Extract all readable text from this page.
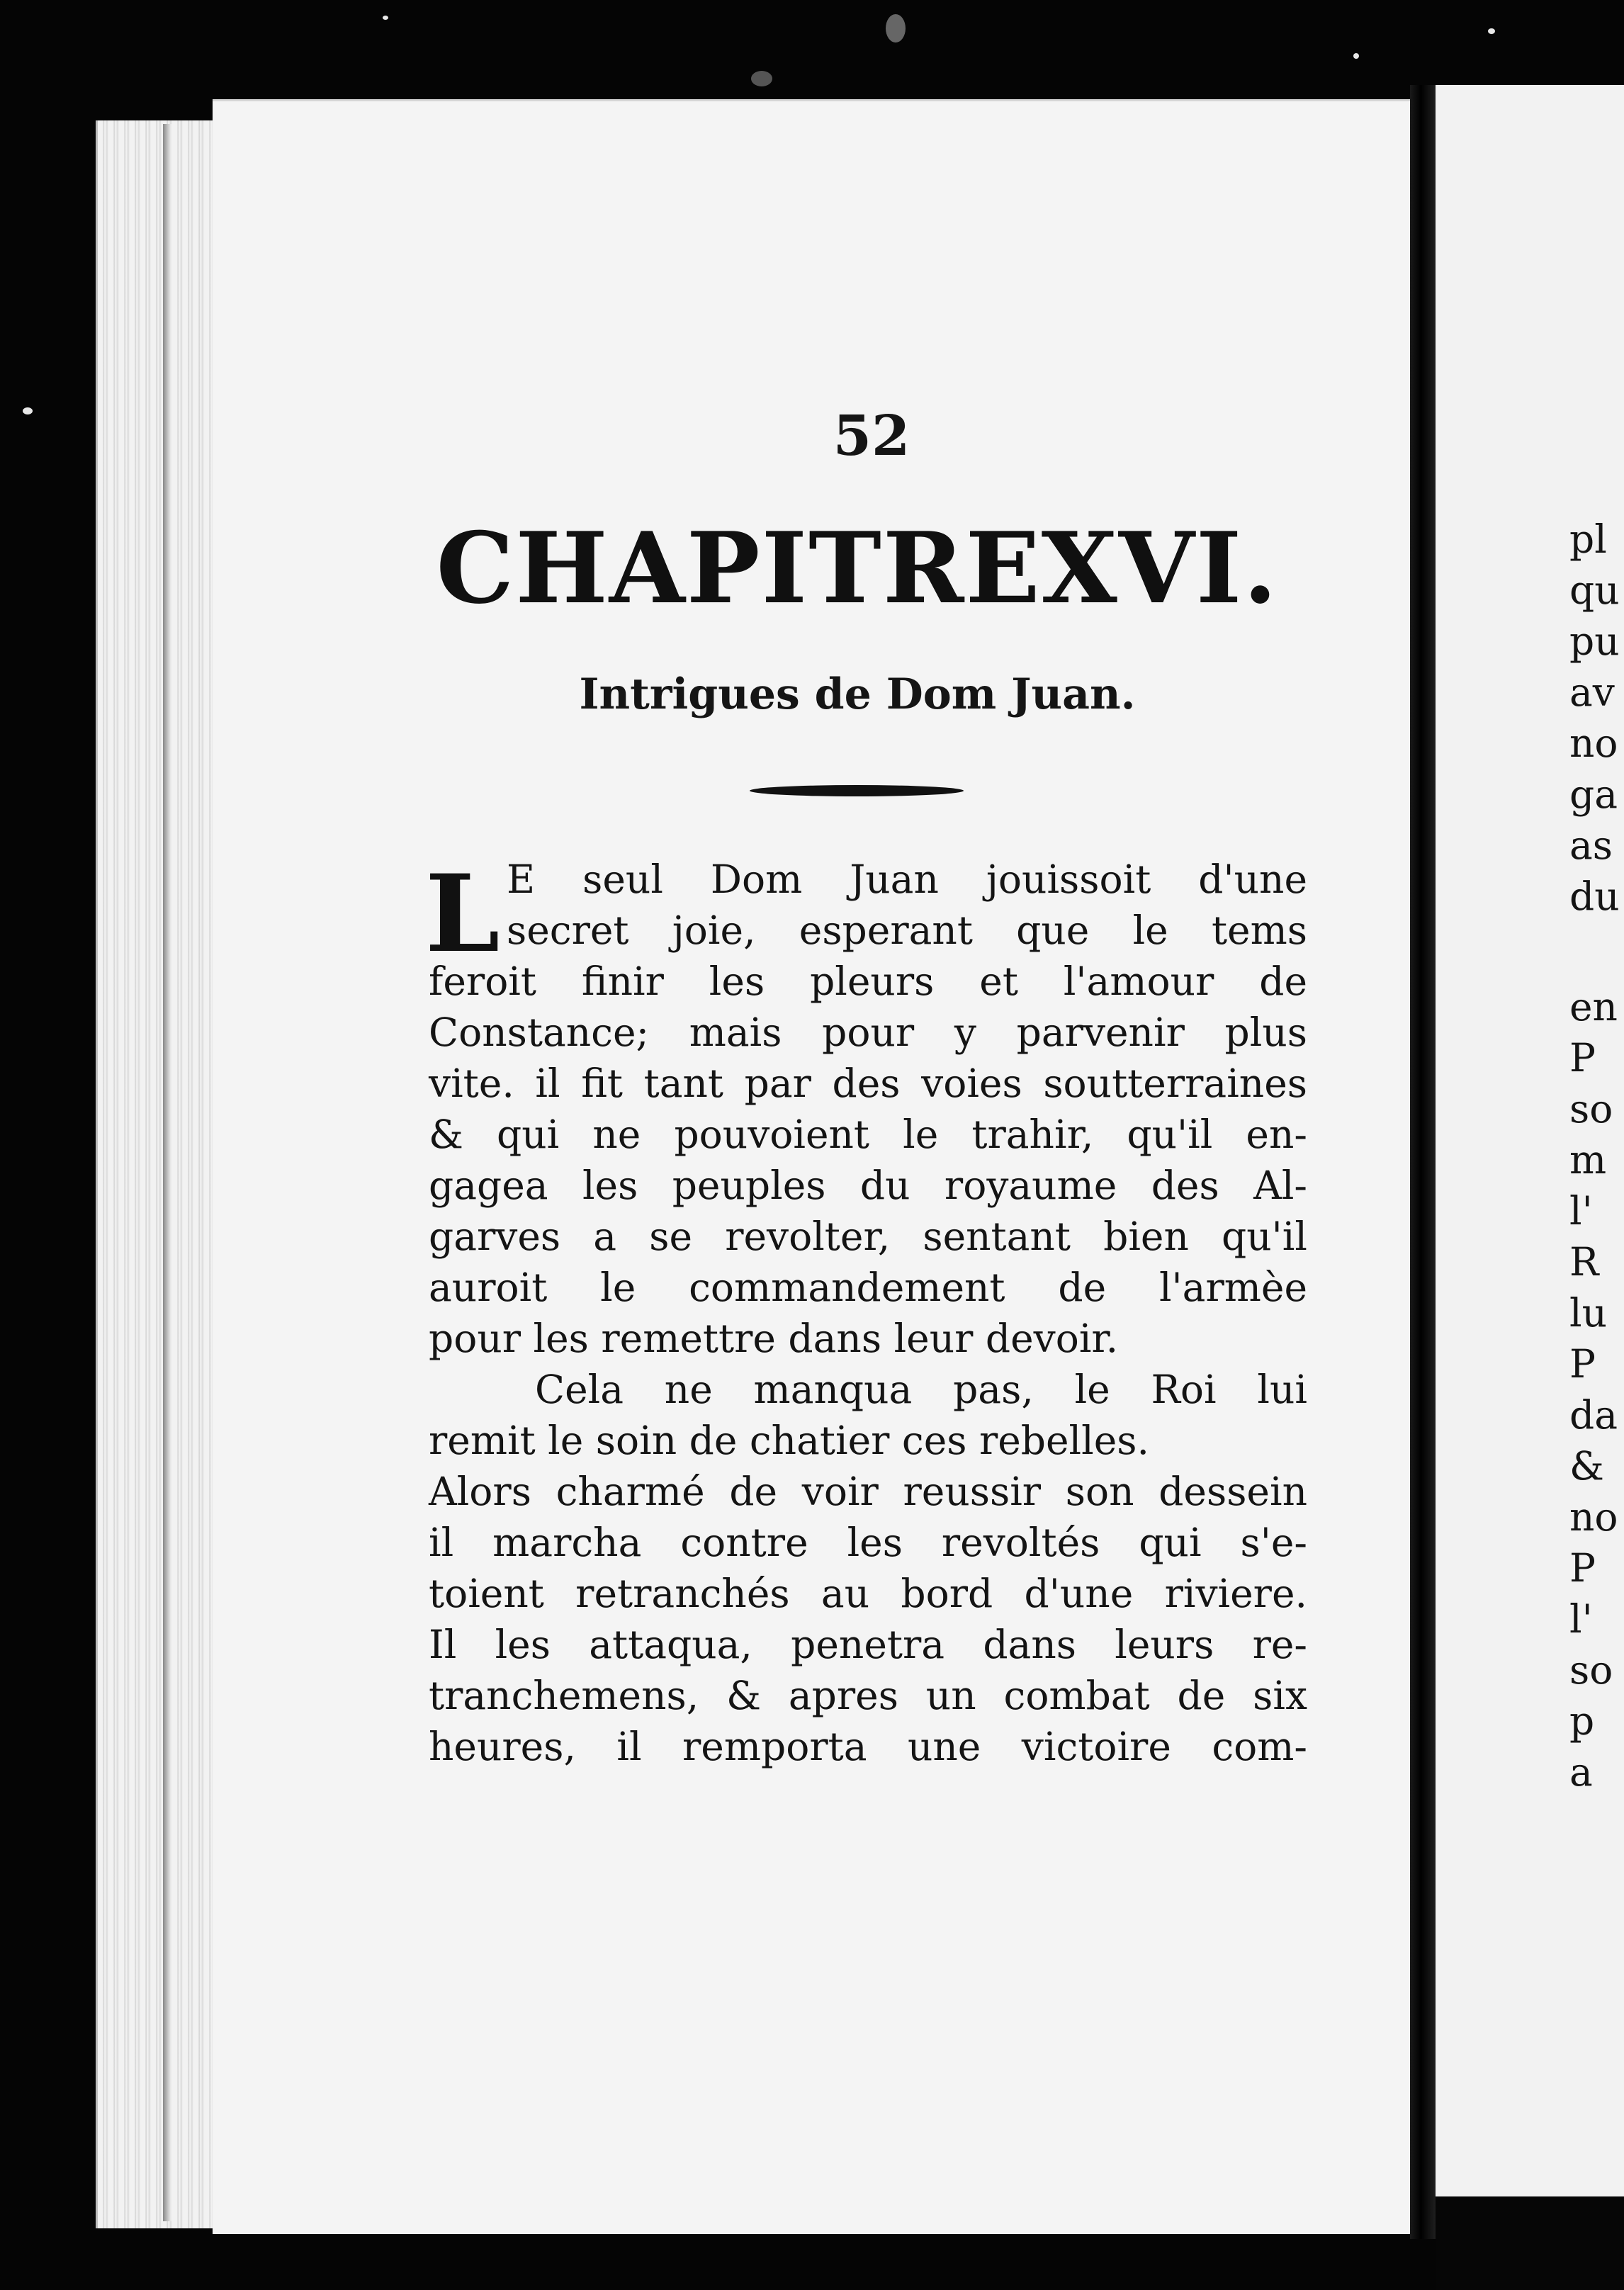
52
CHAPITREXVI.
Intrigues de Dom Juan.
L E seul Dom Juan jouissoit d'une
secret joie, esperant que le tems
feroit finir les pleurs et l'amour de
Constance; mais pour y parvenir plus
vite. il fit tant par des voies soutterraines
& qui ne pouvoient le trahir, qu'il en-
gagea les peuples du royaume des Al-
garves a se revolter, sentant bien qu'il
auroit le commandement de l'armèe
pour les remettre dans leur devoir.
Cela ne manqua pas, le Roi lui
remit le soin de chatier ces rebelles.
Alors charmé de voir reussir son dessein
il marcha contre les revoltés qui s'e-
toient retranchés au bord d'une riviere.
Il les attaqua, penetra dans leurs re-
tranchemens, & apres un combat de six
heures, il remporta une victoire com-
pl
qu
pu
av
no
ga
as
du
en
P
so
m
l'
R
lu
P
da
&
no
P
l'
so
p
a
